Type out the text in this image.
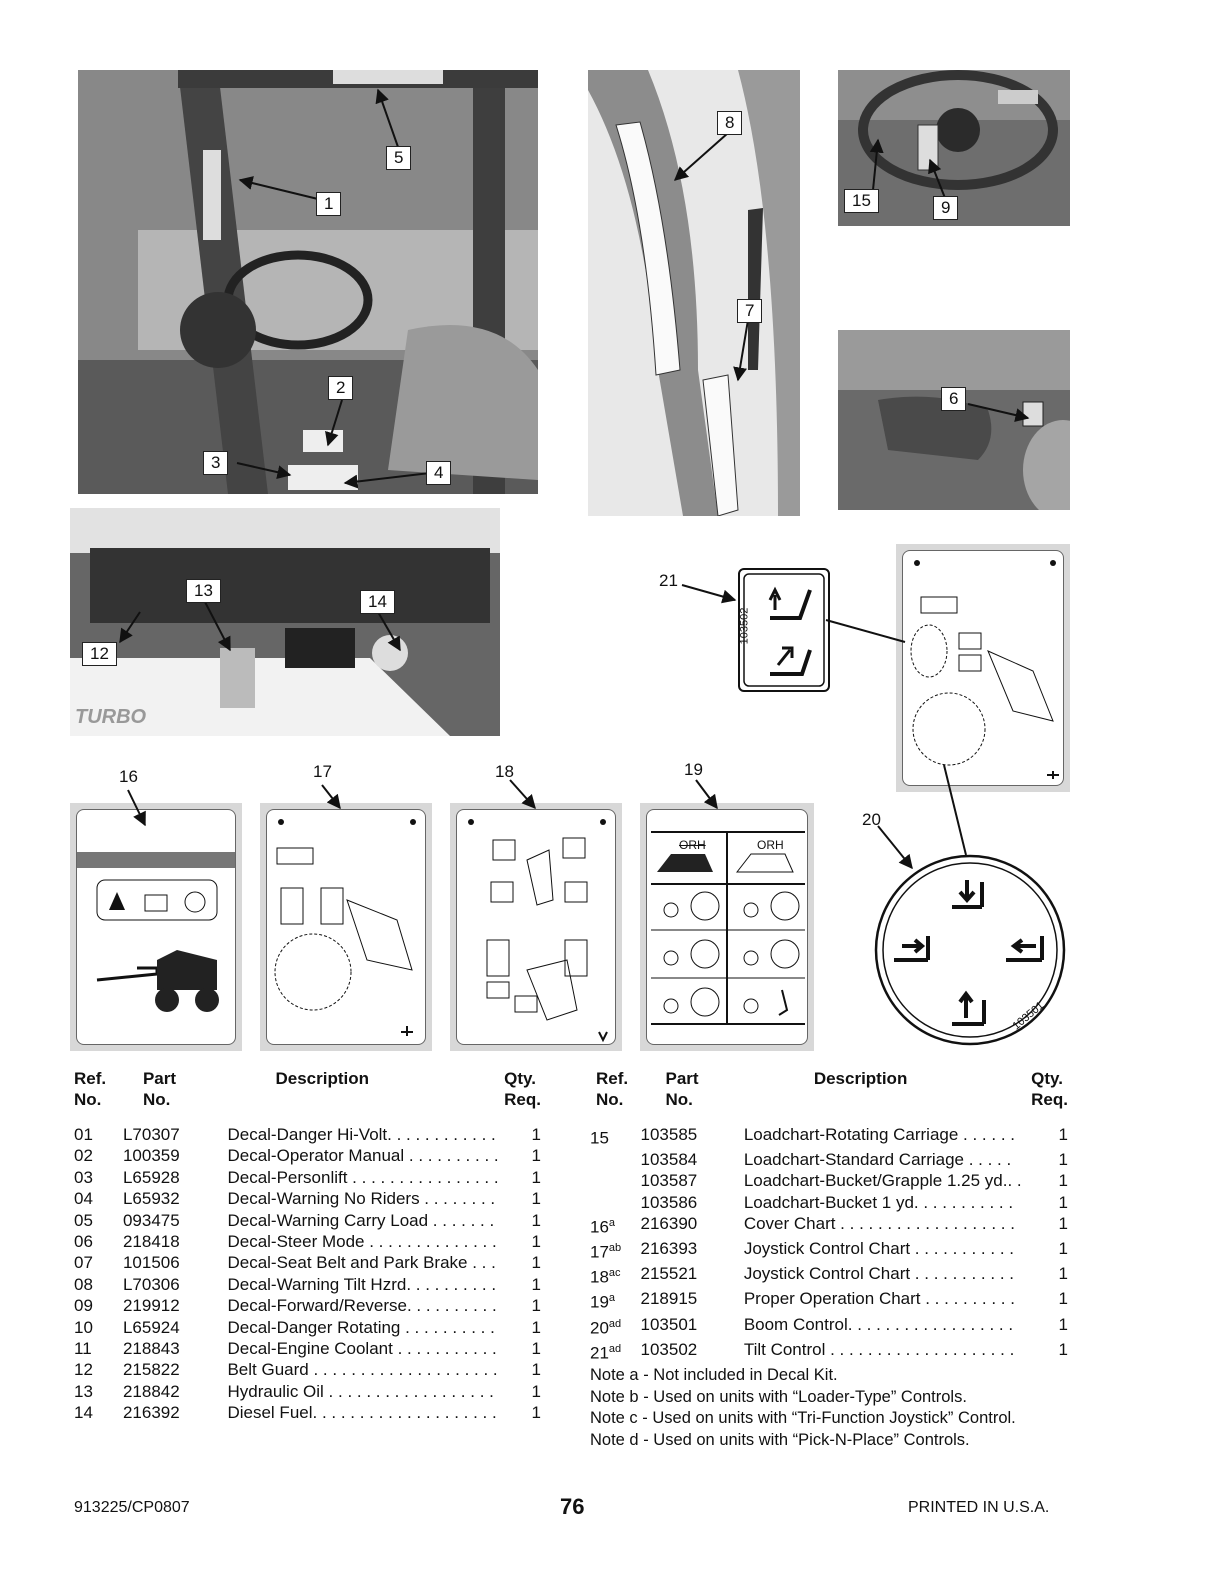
TURBO
103502
103501
ORH	ORH
1
5
2
3
4
8
7
15	9
6
13
14
12
21
16	17	18	19
20
Ref.
No.	Part
No.	Description	Qty.
Req.

01	L70307	Decal-Danger Hi-Volt. . . . . . . . . . . .	1
02	100359	Decal-Operator Manual . . . . . . . . . .	1
03	L65928	Decal-Personlift . . . . . . . . . . . . . . . .	1
04	L65932	Decal-Warning No Riders . . . . . . . .	1
05	093475	Decal-Warning Carry Load . . . . . . .	1
06	218418	Decal-Steer Mode . . . . . . . . . . . . . .	1
07	101506	Decal-Seat Belt and Park Brake . . .	1
08	L70306	Decal-Warning Tilt Hzrd. . . . . . . . . .	1
09	219912	Decal-Forward/Reverse. . . . . . . . . .	1
10	L65924	Decal-Danger Rotating . . . . . . . . . .	1
11	218843	Decal-Engine Coolant . . . . . . . . . . .	1
12	215822	Belt Guard . . . . . . . . . . . . . . . . . . . .	1
13	218842	Hydraulic Oil . . . . . . . . . . . . . . . . . .	1
14	216392	Diesel Fuel. . . . . . . . . . . . . . . . . . . .	1
Ref.
No.	Part
No.	Description	Qty.
Req.

15	103585	Loadchart-Rotating Carriage . . . . . .	1
	103584	Loadchart-Standard Carriage . . . . .	1
	103587	Loadchart-Bucket/Grapple 1.25 yd.. .	1
	103586	Loadchart-Bucket 1 yd. . . . . . . . . . .	1
16$^a$	216390	Cover Chart . . . . . . . . . . . . . . . . . . .	1
$17^{ab}$	216393	Joystick Control Chart . . . . . . . . . . .	1
$18^{ac}$	215521	Joystick Control Chart . . . . . . . . . . .	1
19$^a$	218915	Proper Operation Chart . . . . . . . . . .	1
$20^{ad}$	103501	Boom Control. . . . . . . . . . . . . . . . . .	1
$21^{ad}$	103502	Tilt Control . . . . . . . . . . . . . . . . . . . .	1
Note a - Not included in Decal Kit.
Note b - Used on units with “Loader-Type” Controls.
Note c - Used on units with “Tri-Function Joystick” Control.
Note d - Used on units with “Pick-N-Place” Controls.
913225/CP0807	76	PRINTED IN U.S.A.
